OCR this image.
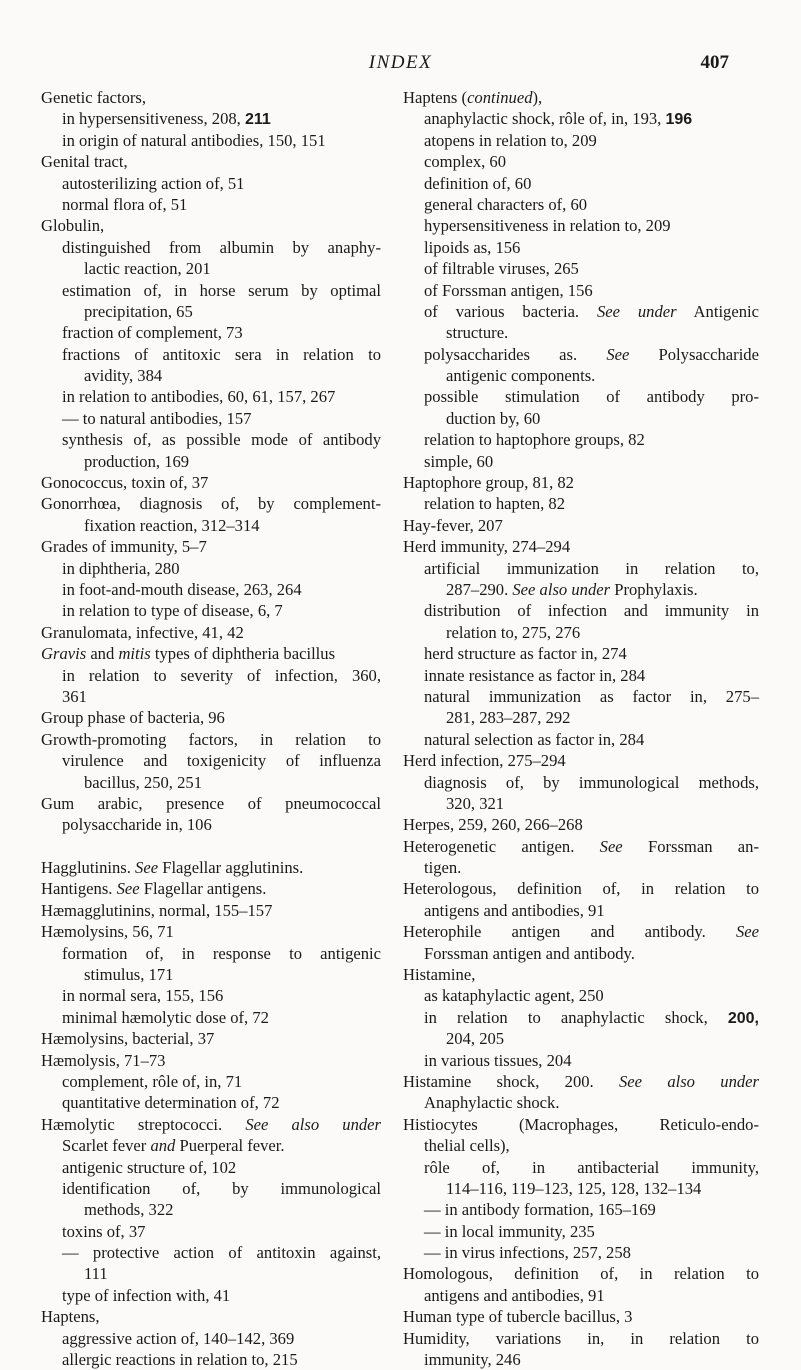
INDEX	407
Genetic factors,
in hypersensitiveness, 208, 211
in origin of natural antibodies, 150, 151
Genital tract,
autosterilizing action of, 51
normal flora of, 51
Globulin,
distinguished from albumin by anaphy-
lactic reaction, 201
estimation of, in horse serum by optimal
precipitation, 65
fraction of complement, 73
fractions of antitoxic sera in relation to
avidity, 384
in relation to antibodies, 60, 61, 157, 267
— to natural antibodies, 157
synthesis of, as possible mode of antibody
production, 169
Gonococcus, toxin of, 37
Gonorrhœa, diagnosis of, by complement-
fixation reaction, 312–314
Grades of immunity, 5–7
in diphtheria, 280
in foot-and-mouth disease, 263, 264
in relation to type of disease, 6, 7
Granulomata, infective, 41, 42
Gravis and mitis types of diphtheria bacillus
in relation to severity of infection, 360,
361
Group phase of bacteria, 96
Growth-promoting factors, in relation to
virulence and toxigenicity of influenza
bacillus, 250, 251
Gum arabic, presence of pneumococcal
polysaccharide in, 106
Hagglutinins. See Flagellar agglutinins.
Hantigens. See Flagellar antigens.
Hæmagglutinins, normal, 155–157
Hæmolysins, 56, 71
formation of, in response to antigenic
stimulus, 171
in normal sera, 155, 156
minimal hæmolytic dose of, 72
Hæmolysins, bacterial, 37
Hæmolysis, 71–73
complement, rôle of, in, 71
quantitative determination of, 72
Hæmolytic streptococci. See also under
Scarlet fever and Puerperal fever.
antigenic structure of, 102
identification of, by immunological
methods, 322
toxins of, 37
— protective action of antitoxin against,
111
type of infection with, 41
Haptens,
aggressive action of, 140–142, 369
allergic reactions in relation to, 215
Haptens (continued),
anaphylactic shock, rôle of, in, 193, 196
atopens in relation to, 209
complex, 60
definition of, 60
general characters of, 60
hypersensitiveness in relation to, 209
lipoids as, 156
of filtrable viruses, 265
of Forssman antigen, 156
of various bacteria. See under Antigenic
structure.
polysaccharides as. See Polysaccharide
antigenic components.
possible stimulation of antibody pro-
duction by, 60
relation to haptophore groups, 82
simple, 60
Haptophore group, 81, 82
relation to hapten, 82
Hay-fever, 207
Herd immunity, 274–294
artificial immunization in relation to,
287–290. See also under Prophylaxis.
distribution of infection and immunity in
relation to, 275, 276
herd structure as factor in, 274
innate resistance as factor in, 284
natural immunization as factor in, 275–
281, 283–287, 292
natural selection as factor in, 284
Herd infection, 275–294
diagnosis of, by immunological methods,
320, 321
Herpes, 259, 260, 266–268
Heterogenetic antigen. See Forssman an-
tigen.
Heterologous, definition of, in relation to
antigens and antibodies, 91
Heterophile antigen and antibody. See
Forssman antigen and antibody.
Histamine,
as kataphylactic agent, 250
in relation to anaphylactic shock, 200,
204, 205
in various tissues, 204
Histamine shock, 200. See also under
Anaphylactic shock.
Histiocytes (Macrophages, Reticulo-endo-
thelial cells),
rôle of, in antibacterial immunity,
114–116, 119–123, 125, 128, 132–134
— in antibody formation, 165–169
— in local immunity, 235
— in virus infections, 257, 258
Homologous, definition of, in relation to
antigens and antibodies, 91
Human type of tubercle bacillus, 3
Humidity, variations in, in relation to
immunity, 246
